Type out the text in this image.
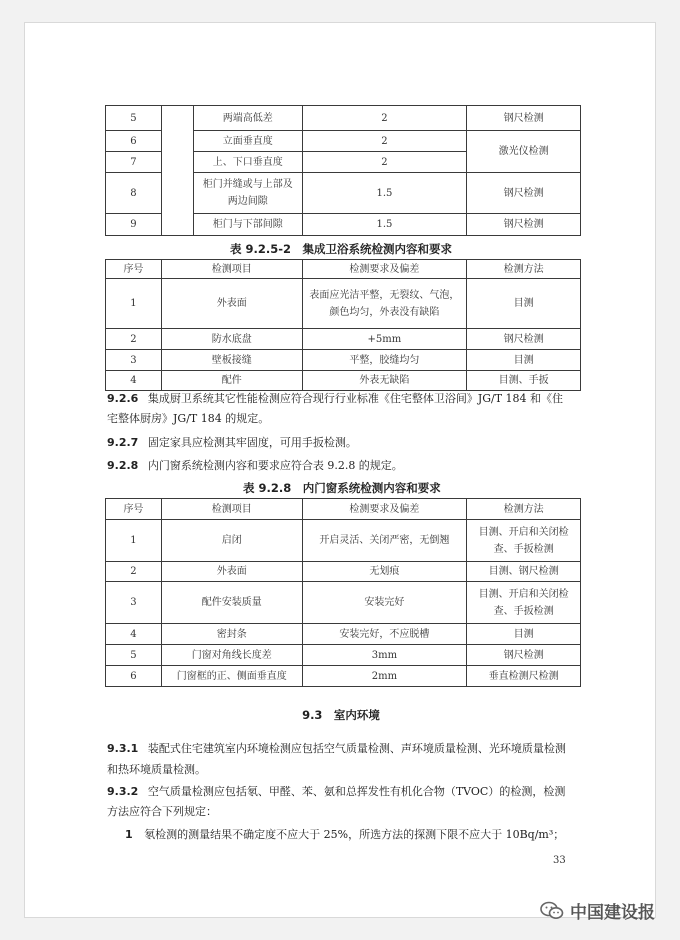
5		两端高低差	2	钢尺检测
6		立面垂直度	2	激光仪检测
7		上、下口垂直度	2	
8		柜门并缝或与上部及两边间隙	1.5	钢尺检测
9		柜门与下部间隙	1.5	钢尺检测
表 9.2.5-2　集成卫浴系统检测内容和要求
序号	检测项目	检测要求及偏差	检测方法
1	外表面	表面应光洁平整，无裂纹、气泡，颜色均匀，外表没有缺陷	目测
2	防水底盘	+5mm	钢尺检测
3	壁板接缝	平整，胶缝均匀	目测
4	配件	外表无缺陷	目测、手扳
9.2.6 集成厨卫系统其它性能检测应符合现行行业标准《住宅整体卫浴间》JG/T 184 和《住
宅整体厨房》JG/T 184 的规定。
9.2.7 固定家具应检测其牢固度，可用手扳检测。
9.2.8 内门窗系统检测内容和要求应符合表 9.2.8 的规定。
表 9.2.8　内门窗系统检测内容和要求
序号	检测项目	检测要求及偏差	检测方法
1	启闭	开启灵活、关闭严密，无倒翘	目测、开启和关闭检查、手扳检测
2	外表面	无划痕	目测、钢尺检测
3	配件安装质量	安装完好	目测、开启和关闭检查、手扳检测
4	密封条	安装完好，不应脱槽	目测
5	门窗对角线长度差	3mm	钢尺检测
6	门窗框的正、侧面垂直度	2mm	垂直检测尺检测
9.3　室内环境
9.3.1 装配式住宅建筑室内环境检测应包括空气质量检测、声环境质量检测、光环境质量检测
和热环境质量检测。
9.3.2 空气质量检测应包括氡、甲醛、苯、氨和总挥发性有机化合物（TVOC）的检测，检测
方法应符合下列规定：
1 氡检测的测量结果不确定度不应大于 25%，所选方法的探测下限不应大于 10Bq/m³；
33
中国建设报
